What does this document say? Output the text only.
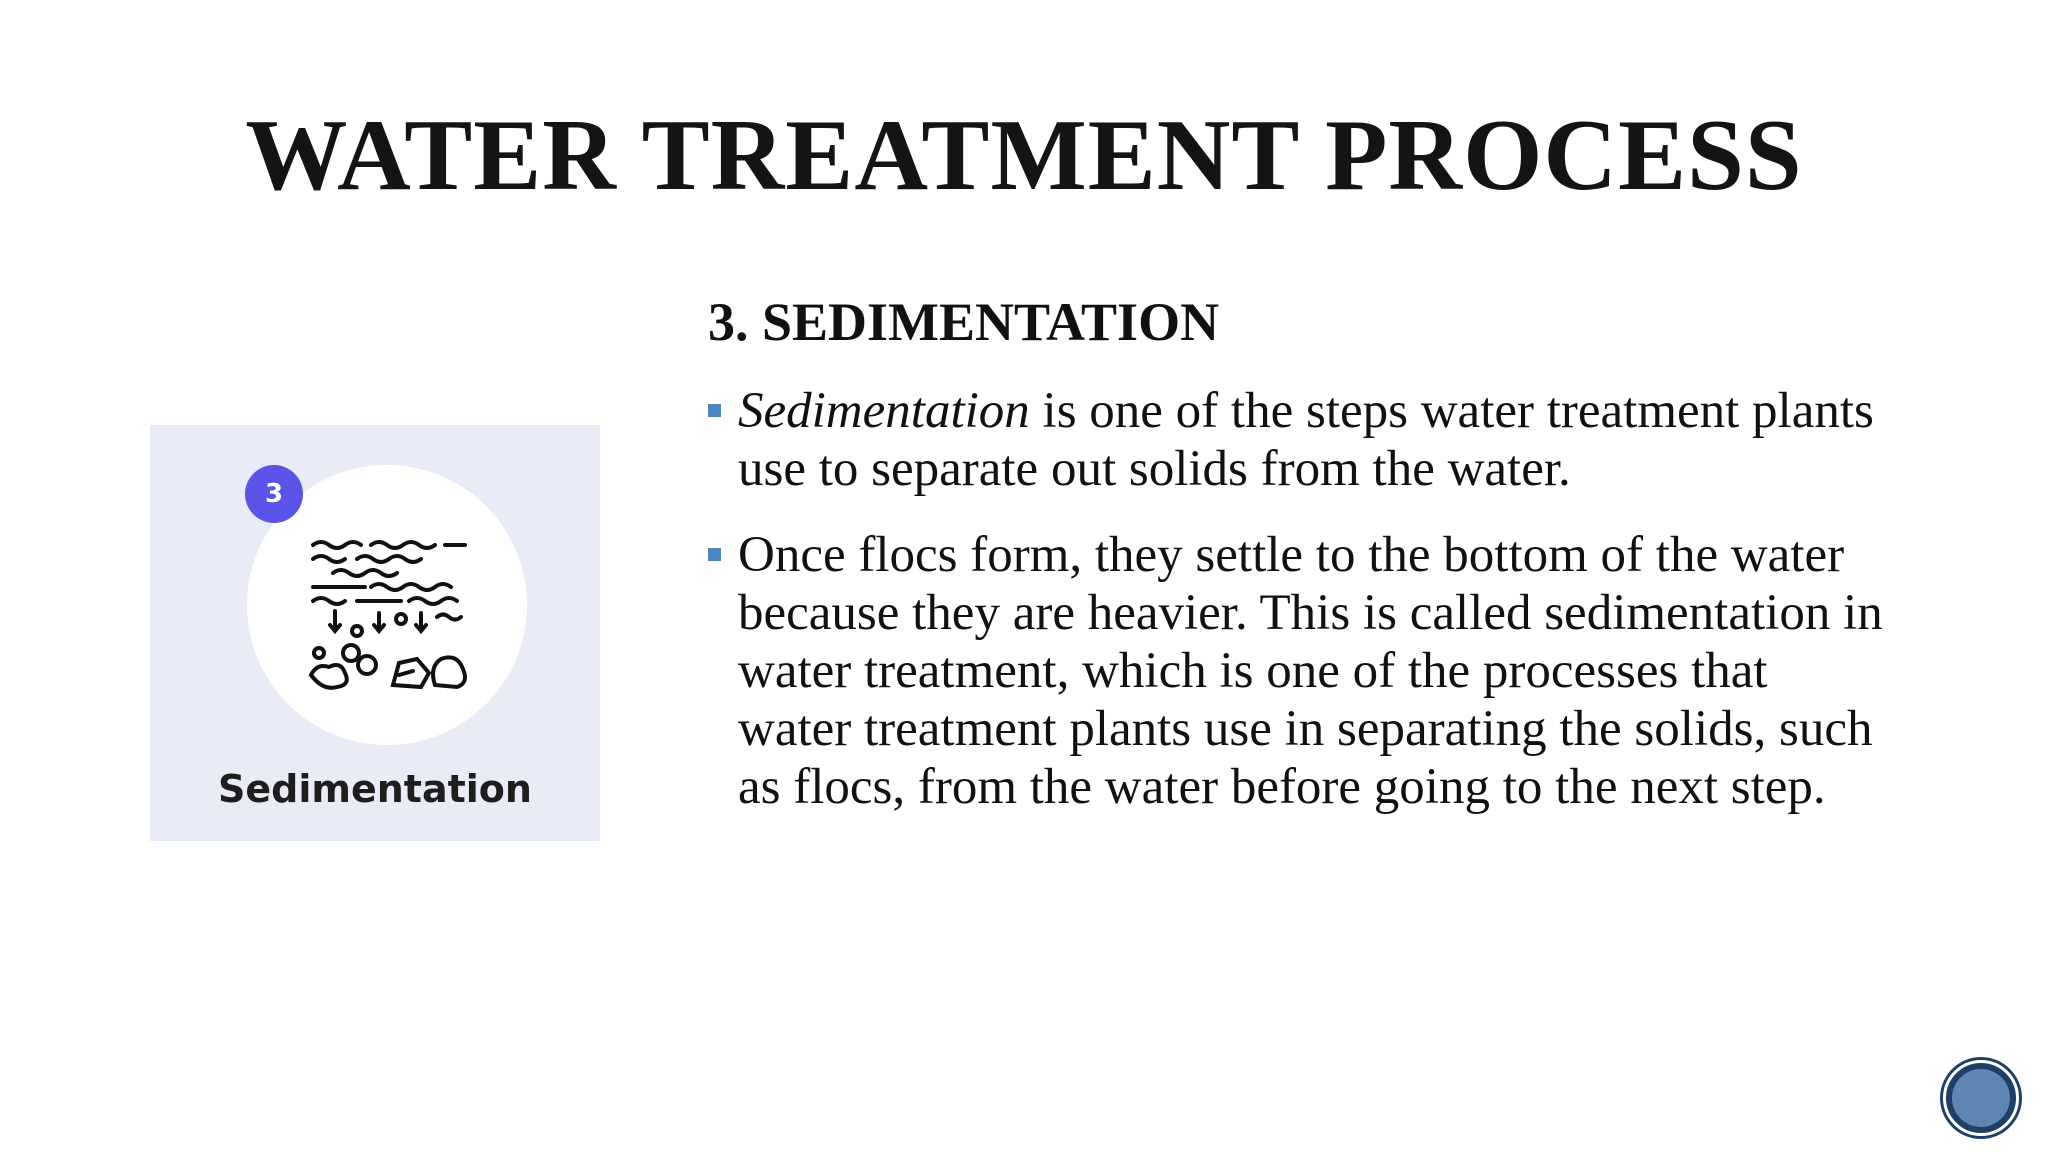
WATER TREATMENT PROCESS
3
Sedimentation
3. SEDIMENTATION
Sedimentation is one of the steps water treatment plants use to separate out solids from the water.
Once flocs form, they settle to the bottom of the water because they are heavier. This is called sedimentation in water treatment, which is one of the processes that water treatment plants use in separating the solids, such as flocs, from the water before going to the next step.
